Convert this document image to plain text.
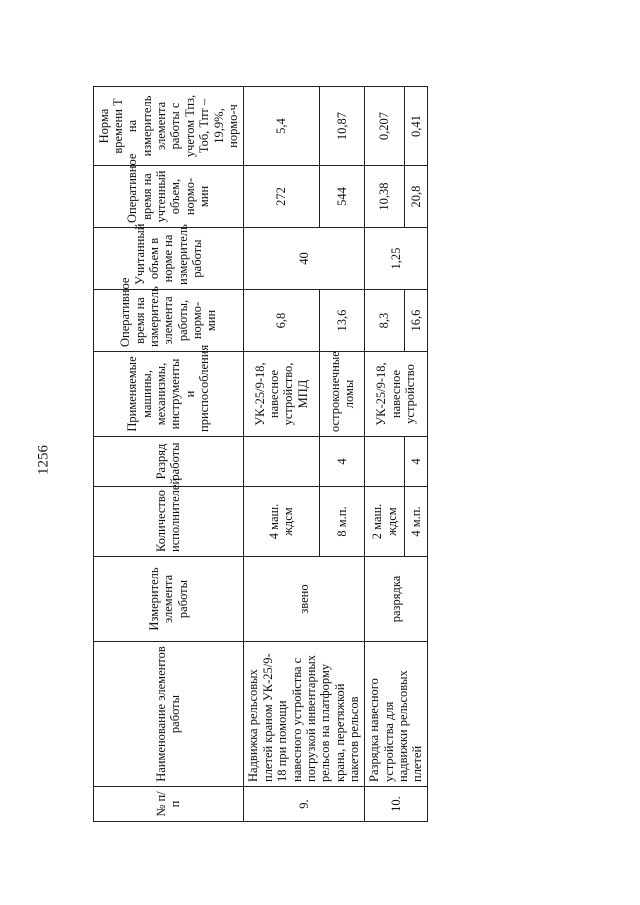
1256
№ п/п	Наименование элементов работы	Измеритель элемента работы	Количество исполнителей	Разряд работы	Применяемые машины, механизмы, инструменты и приспособления	Оперативное время на измеритель элемента работы, нормо-мин	Учитанный объем в норме на измеритель работы	Оперативное время на учтенный объем, нормо-мин	Норма времени Т на измеритель элемента работы с учетом Тпз, Тоб, Тпт – 19,9%, нормо-ч
9.	Надвижка рельсовых плетей краном УК-25/9-18 при помощи навесного устройства с погрузкой инвентарных рельсов на платформу крана, перетяжкой пакетов рельсов	звено	4 маш. ждсм		УК-25/9-18, навесное устройство, МПД	6,8	40	272	5,4
			8 м.п.	4	остроконечные ломы	13,6		544	10,87
10.	Разрядка навесного устройства для надвижки рельсовых плетей	разрядка	2 маш. ждсм		УК-25/9-18, навесное устройство	8,3	1,25	10,38	0,207
			4 м.п.	4		16,6		20,8	0,41
